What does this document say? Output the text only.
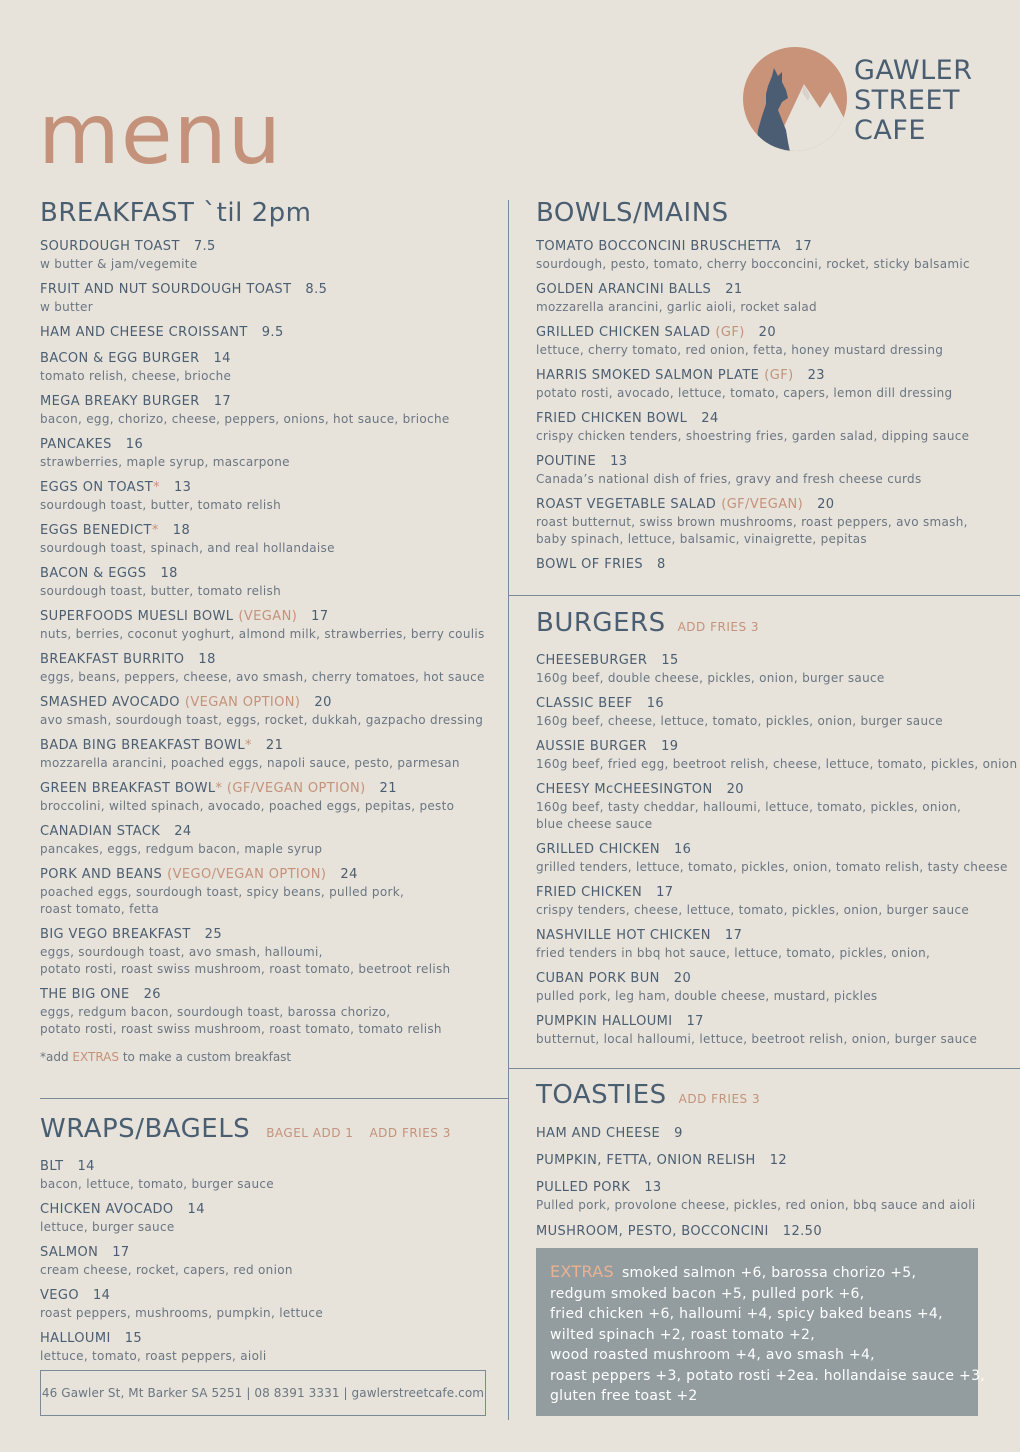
menu
GAWLER
STREET
CAFE
BREAKFAST `til 2pm
SOURDOUGH TOAST 7.5
w butter & jam/vegemite
FRUIT AND NUT SOURDOUGH TOAST 8.5
w butter
HAM AND CHEESE CROISSANT 9.5
BACON & EGG BURGER 14
tomato relish, cheese, brioche
MEGA BREAKY BURGER 17
bacon, egg, chorizo, cheese, peppers, onions, hot sauce, brioche
PANCAKES 16
strawberries, maple syrup, mascarpone
EGGS ON TOAST* 13
sourdough toast, butter, tomato relish
EGGS BENEDICT* 18
sourdough toast, spinach, and real hollandaise
BACON & EGGS 18
sourdough toast, butter, tomato relish
SUPERFOODS MUESLI BOWL (VEGAN) 17
nuts, berries, coconut yoghurt, almond milk, strawberries, berry coulis
BREAKFAST BURRITO 18
eggs, beans, peppers, cheese, avo smash, cherry tomatoes, hot sauce
SMASHED AVOCADO (VEGAN OPTION) 20
avo smash, sourdough toast, eggs, rocket, dukkah, gazpacho dressing
BADA BING BREAKFAST BOWL* 21
mozzarella arancini, poached eggs, napoli sauce, pesto, parmesan
GREEN BREAKFAST BOWL* (GF/VEGAN OPTION) 21
broccolini, wilted spinach, avocado, poached eggs, pepitas, pesto
CANADIAN STACK 24
pancakes, eggs, redgum bacon, maple syrup
PORK AND BEANS (VEGO/VEGAN OPTION) 24
poached eggs, sourdough toast, spicy beans, pulled pork,
roast tomato, fetta
BIG VEGO BREAKFAST 25
eggs, sourdough toast, avo smash, halloumi,
potato rosti, roast swiss mushroom, roast tomato, beetroot relish
THE BIG ONE 26
eggs, redgum bacon, sourdough toast, barossa chorizo,
potato rosti, roast swiss mushroom, roast tomato, tomato relish
*add EXTRAS to make a custom breakfast
WRAPS/BAGELS BAGEL ADD 1 ADD FRIES 3
BLT 14
bacon, lettuce, tomato, burger sauce
CHICKEN AVOCADO 14
lettuce, burger sauce
SALMON 17
cream cheese, rocket, capers, red onion
VEGO 14
roast peppers, mushrooms, pumpkin, lettuce
HALLOUMI 15
lettuce, tomato, roast peppers, aioli
46 Gawler St, Mt Barker SA 5251 | 08 8391 3331 | gawlerstreetcafe.com
BOWLS/MAINS
TOMATO BOCCONCINI BRUSCHETTA 17
sourdough, pesto, tomato, cherry bocconcini, rocket, sticky balsamic
GOLDEN ARANCINI BALLS 21
mozzarella arancini, garlic aioli, rocket salad
GRILLED CHICKEN SALAD (GF) 20
lettuce, cherry tomato, red onion, fetta, honey mustard dressing
HARRIS SMOKED SALMON PLATE (GF) 23
potato rosti, avocado, lettuce, tomato, capers, lemon dill dressing
FRIED CHICKEN BOWL 24
crispy chicken tenders, shoestring fries, garden salad, dipping sauce
POUTINE 13
Canada’s national dish of fries, gravy and fresh cheese curds
ROAST VEGETABLE SALAD (GF/VEGAN) 20
roast butternut, swiss brown mushrooms, roast peppers, avo smash,
baby spinach, lettuce, balsamic, vinaigrette, pepitas
BOWL OF FRIES 8
BURGERS ADD FRIES 3
CHEESEBURGER 15
160g beef, double cheese, pickles, onion, burger sauce
CLASSIC BEEF 16
160g beef, cheese, lettuce, tomato, pickles, onion, burger sauce
AUSSIE BURGER 19
160g beef, fried egg, beetroot relish, cheese, lettuce, tomato, pickles, onion
CHEESY McCHEESINGTON 20
160g beef, tasty cheddar, halloumi, lettuce, tomato, pickles, onion,
blue cheese sauce
GRILLED CHICKEN 16
grilled tenders, lettuce, tomato, pickles, onion, tomato relish, tasty cheese
FRIED CHICKEN 17
crispy tenders, cheese, lettuce, tomato, pickles, onion, burger sauce
NASHVILLE HOT CHICKEN 17
fried tenders in bbq hot sauce, lettuce, tomato, pickles, onion,
CUBAN PORK BUN 20
pulled pork, leg ham, double cheese, mustard, pickles
PUMPKIN HALLOUMI 17
butternut, local halloumi, lettuce, beetroot relish, onion, burger sauce
TOASTIES ADD FRIES 3
HAM AND CHEESE 9
PUMPKIN, FETTA, ONION RELISH 12
PULLED PORK 13
Pulled pork, provolone cheese, pickles, red onion, bbq sauce and aioli
MUSHROOM, PESTO, BOCCONCINI 12.50
EXTRAS smoked salmon +6, barossa chorizo +5,
redgum smoked bacon +5, pulled pork +6,
fried chicken +6, halloumi +4, spicy baked beans +4,
wilted spinach +2, roast tomato +2,
wood roasted mushroom +4, avo smash +4,
roast peppers +3, potato rosti +2ea. hollandaise sauce +3,
gluten free toast +2
